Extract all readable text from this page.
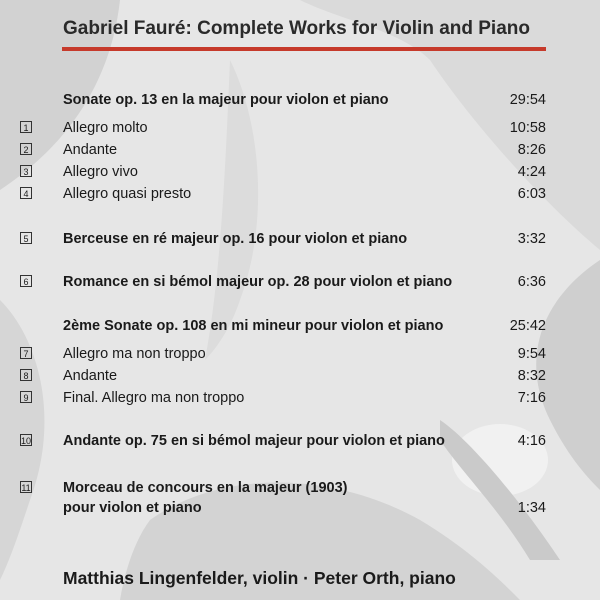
Gabriel Fauré: Complete Works for Violin and Piano
Sonate op. 13 en la majeur pour violon et piano	29:54
1 Allegro molto	10:58
2 Andante	8:26
3 Allegro vivo	4:24
4 Allegro quasi presto	6:03
5 Berceuse en ré majeur op. 16 pour violon et piano	3:32
6 Romance en si bémol majeur op. 28 pour violon et piano	6:36
2ème Sonate op. 108 en mi mineur pour violon et piano	25:42
7 Allegro ma non troppo	9:54
8 Andante	8:32
9 Final. Allegro ma non troppo	7:16
10 Andante op. 75 en si bémol majeur pour violon et piano	4:16
11 Morceau de concours en la majeur (1903)
pour violon et piano	1:34

Matthias Lingenfelder, violin · Peter Orth, piano
